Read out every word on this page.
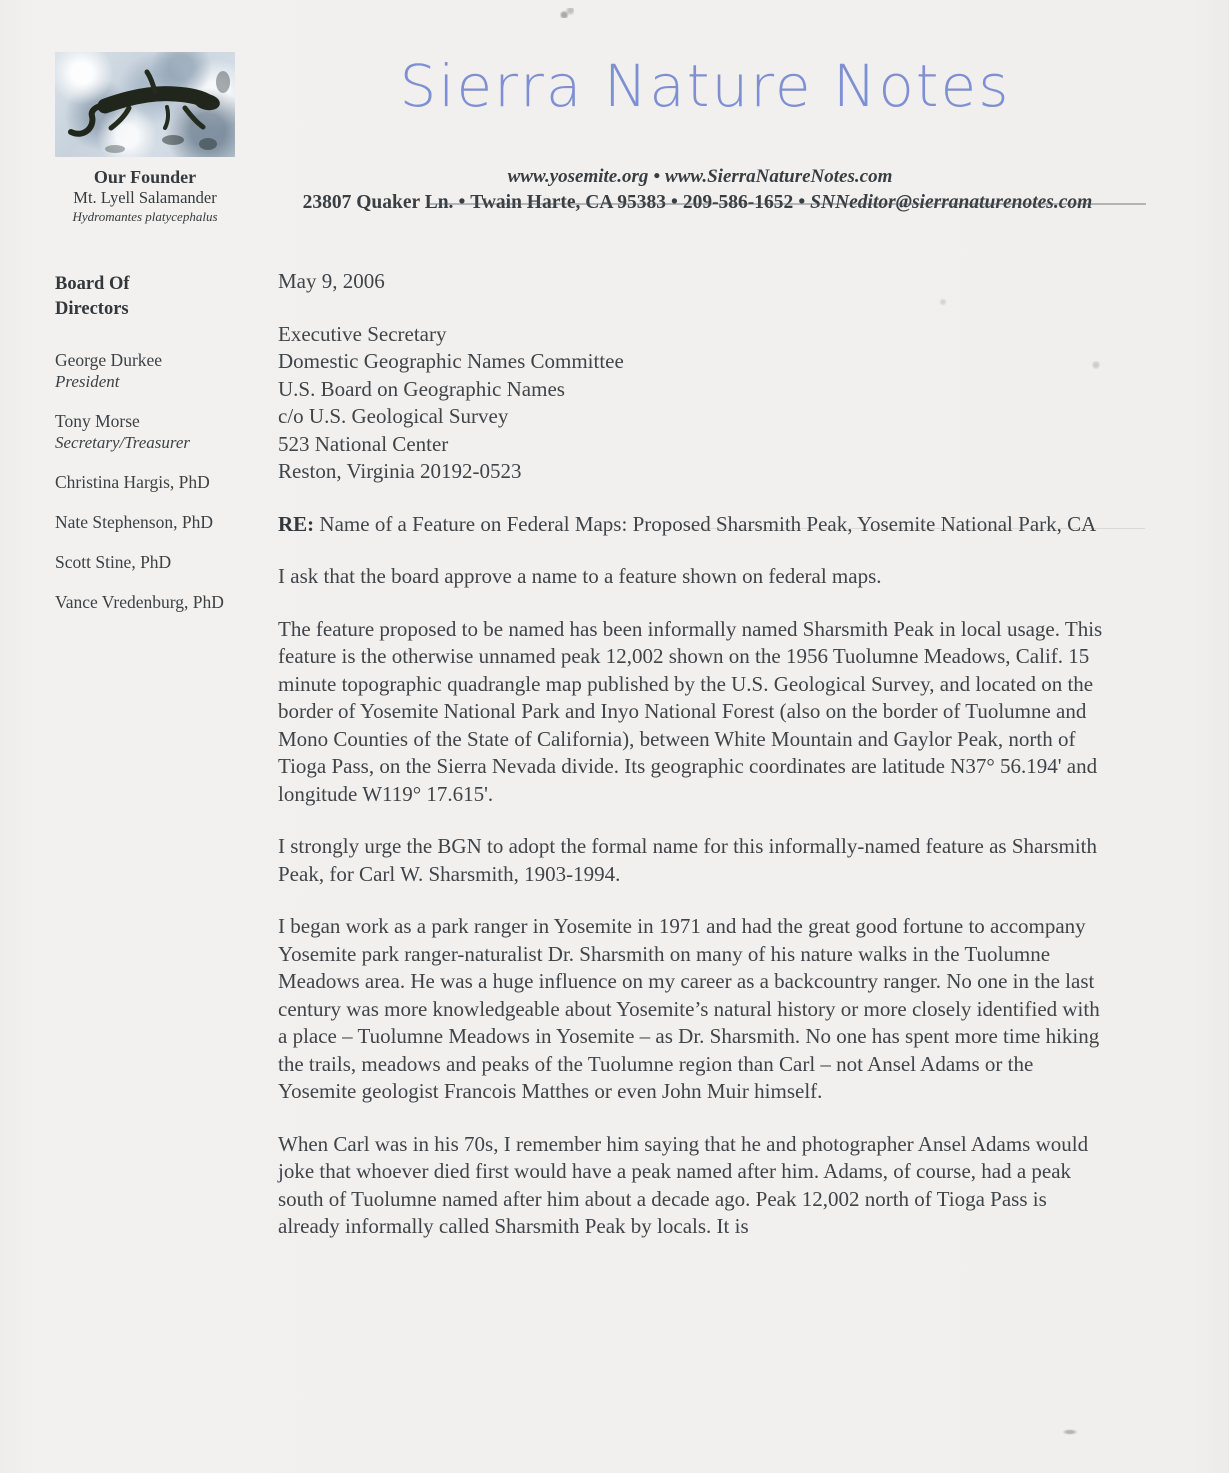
Our Founder
Mt. Lyell Salamander
Hydromantes platycephalus
Sierra Nature Notes
www.yosemite.org • www.SierraNatureNotes.com
23807 Quaker Ln. • Twain Harte, CA 95383 • 209-586-1652 • SNNeditor@sierranaturenotes.com
Board Of Directors
George Durkee
President
Tony Morse
Secretary/Treasurer
Christina Hargis, PhD
Nate Stephenson, PhD
Scott Stine, PhD
Vance Vredenburg, PhD

May 9, 2006

Executive Secretary
Domestic Geographic Names Committee
U.S. Board on Geographic Names
c/o U.S. Geological Survey
523 National Center
Reston, Virginia 20192-0523

RE: Name of a Feature on Federal Maps: Proposed Sharsmith Peak, Yosemite National Park, CA

I ask that the board approve a name to a feature shown on federal maps.

The feature proposed to be named has been informally named Sharsmith Peak in local usage. This feature is the otherwise unnamed peak 12,002 shown on the 1956 Tuolumne Meadows, Calif. 15 minute topographic quadrangle map published by the U.S. Geological Survey, and located on the border of Yosemite National Park and Inyo National Forest (also on the border of Tuolumne and Mono Counties of the State of California), between White Mountain and Gaylor Peak, north of Tioga Pass, on the Sierra Nevada divide. Its geographic coordinates are latitude N37° 56.194' and longitude W119° 17.615'.

I strongly urge the BGN to adopt the formal name for this informally-named feature as Sharsmith Peak, for Carl W. Sharsmith, 1903-1994.

I began work as a park ranger in Yosemite in 1971 and had the great good fortune to accompany Yosemite park ranger-naturalist Dr. Sharsmith on many of his nature walks in the Tuolumne Meadows area. He was a huge influence on my career as a backcountry ranger. No one in the last century was more knowledgeable about Yosemite’s natural history or more closely identified with a place – Tuolumne Meadows in Yosemite – as Dr. Sharsmith. No one has spent more time hiking the trails, meadows and peaks of the Tuolumne region than Carl – not Ansel Adams or the Yosemite geologist Francois Matthes or even John Muir himself.

When Carl was in his 70s, I remember him saying that he and photographer Ansel Adams would joke that whoever died first would have a peak named after him. Adams, of course, had a peak south of Tuolumne named after him about a decade ago. Peak 12,002 north of Tioga Pass is already informally called Sharsmith Peak by locals. It is
